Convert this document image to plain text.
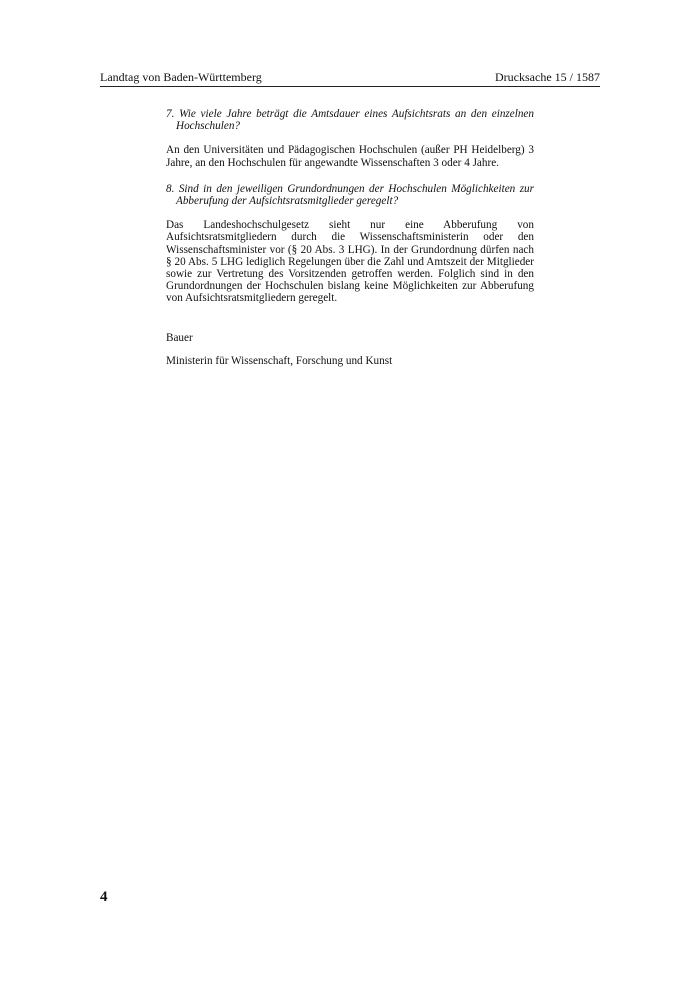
Landtag von Baden-Württemberg	Drucksache 15 / 1587

7. Wie viele Jahre beträgt die Amtsdauer eines Aufsichtsrats an den einzelnen Hochschulen?

An den Universitäten und Pädagogischen Hochschulen (außer PH Heidelberg) 3 Jahre, an den Hochschulen für angewandte Wissenschaften 3 oder 4 Jahre.

8. Sind in den jeweiligen Grundordnungen der Hochschulen Möglichkeiten zur Abberufung der Aufsichtsratsmitglieder geregelt?

Das Landeshochschulgesetz sieht nur eine Abberufung von Aufsichtsratsmitgliedern durch die Wissenschaftsministerin oder den Wissenschaftsminister vor (§ 20 Abs. 3 LHG). In der Grundordnung dürfen nach § 20 Abs. 5 LHG lediglich Regelungen über die Zahl und Amtszeit der Mitglieder sowie zur Vertretung des Vorsitzenden getroffen werden. Folglich sind in den Grundordnungen der Hochschulen bislang keine Möglichkeiten zur Abberufung von Aufsichtsratsmitgliedern geregelt.

Bauer

Ministerin für Wissenschaft, Forschung und Kunst

4
